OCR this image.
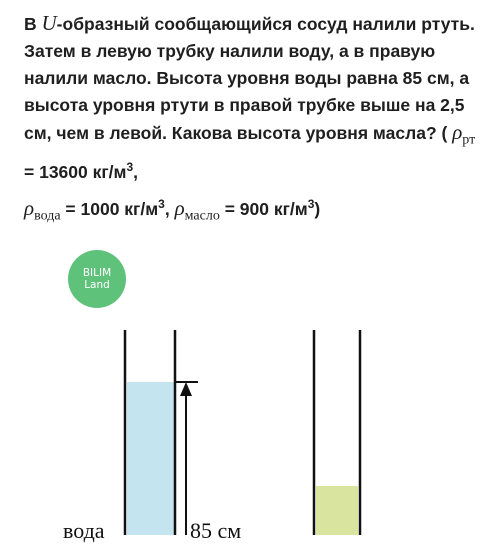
В U-образный сообщающийся сосуд налили ртуть. Затем в левую трубку налили воду, а в правую налили масло. Высота уровня воды равна 85 см, а высота уровня ртути в правой трубке выше на 2,5 см, чем в левой. Какова высота уровня масла? ( $\rho_{рт} = 13600$ $кг/м^3$,
$\rho_{вода} = 1000$ $кг/м^3$, $\rho_{масло} = 900$ $кг/м^3$)
BILIM
Land
вода	85 см
